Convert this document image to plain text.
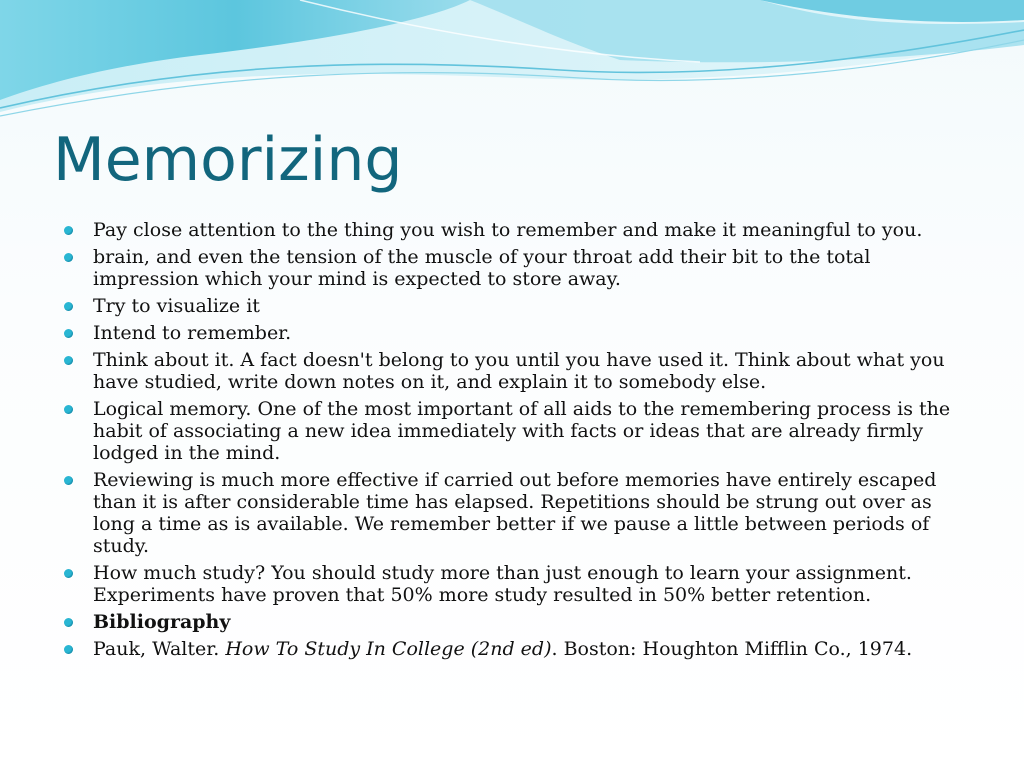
Memorizing
Pay close attention to the thing you wish to remember and make it meaningful to you.
brain, and even the tension of the muscle of your throat add their bit to the total impression which your mind is expected to store away.
Try to visualize it
Intend to remember.
Think about it. A fact doesn't belong to you until you have used it. Think about what you have studied, write down notes on it, and explain it to somebody else.
Logical memory. One of the most important of all aids to the remembering process is the habit of associating a new idea immediately with facts or ideas that are already firmly lodged in the mind.
Reviewing is much more effective if carried out before memories have entirely escaped than it is after considerable time has elapsed. Repetitions should be strung out over as long a time as is available. We remember better if we pause a little between periods of study.
How much study? You should study more than just enough to learn your assignment. Experiments have proven that 50% more study resulted in 50% better retention.
Bibliography
Pauk, Walter. How To Study In College (2nd ed). Boston: Houghton Mifflin Co., 1974.
